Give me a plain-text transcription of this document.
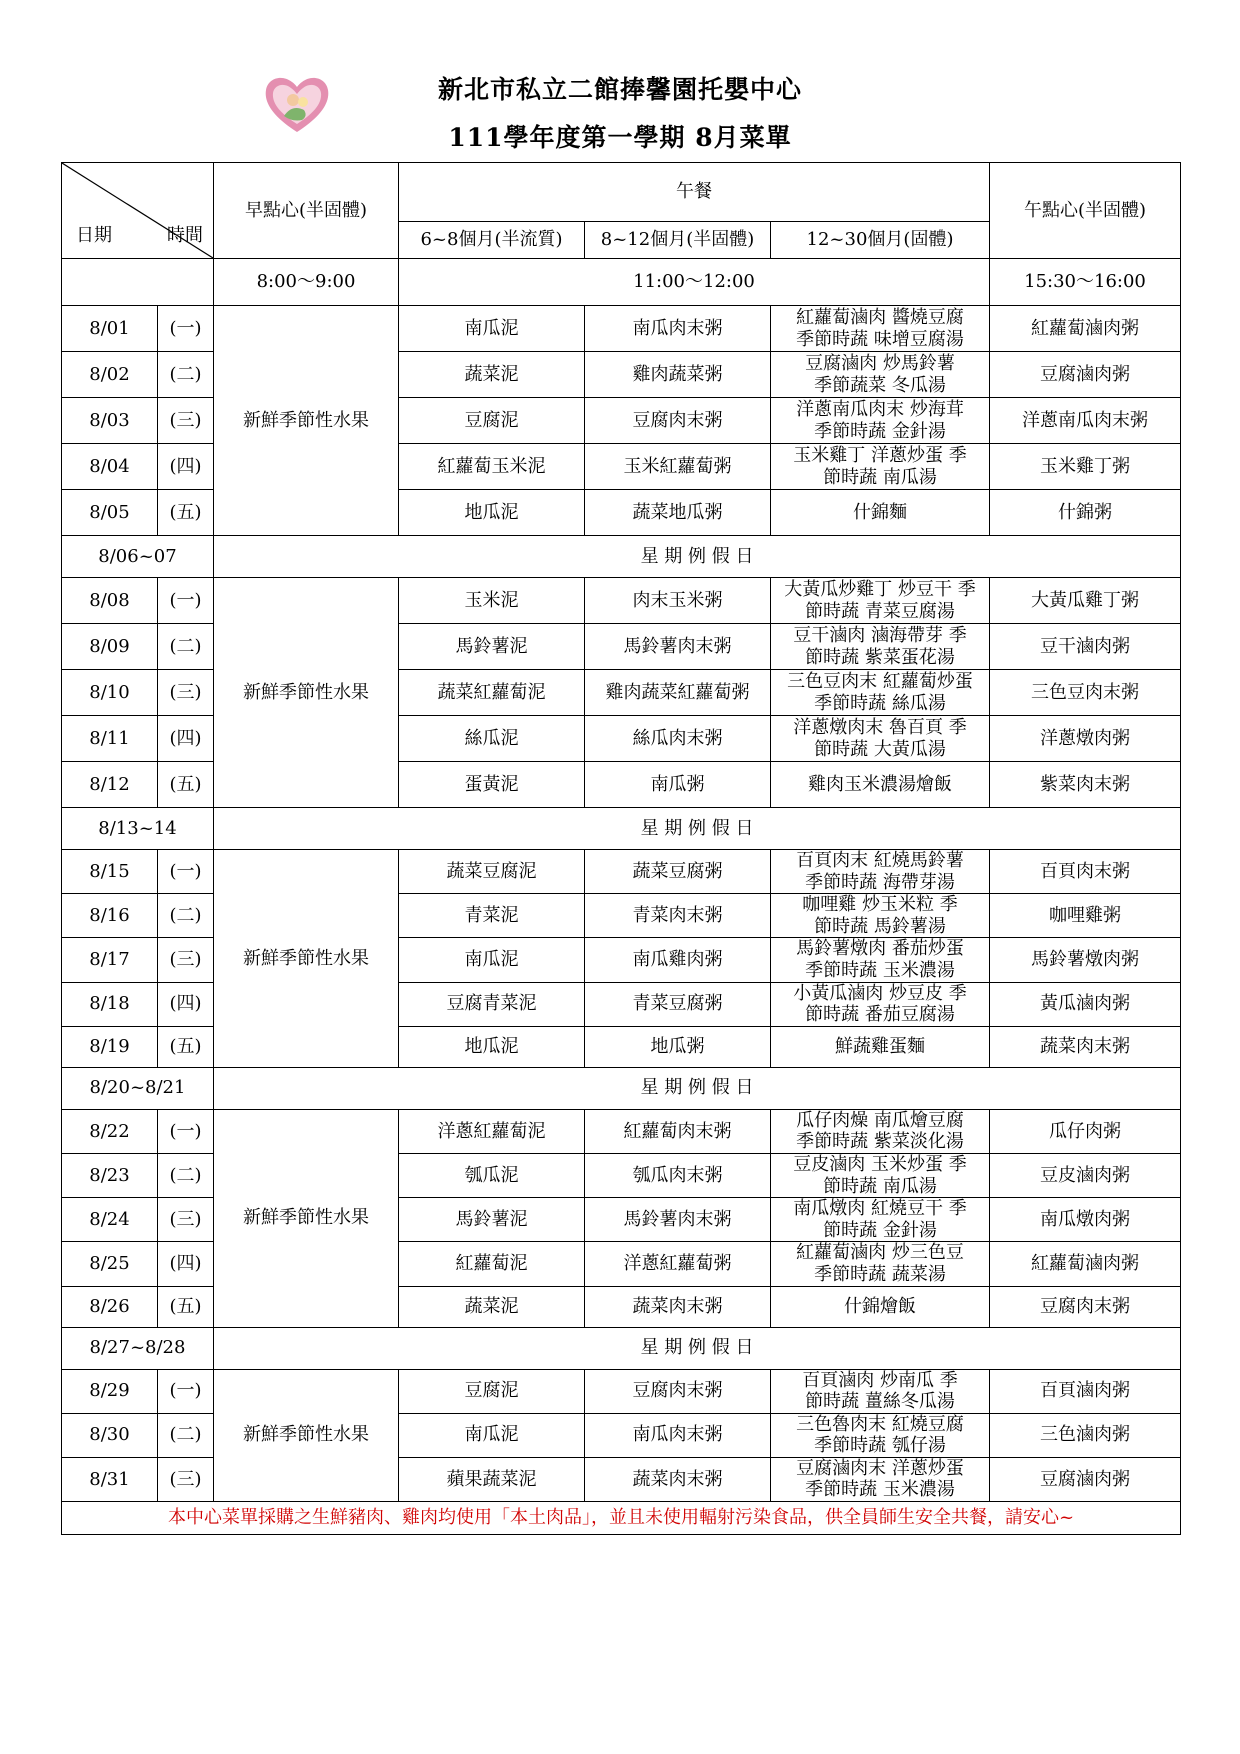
新北市私立二館捧馨園托嬰中心
111學年度第一學期 8月菜單
日期 時間		早點心(半固體)	午餐			午點心(半固體)
			6~8個月(半流質)	8~12個月(半固體)	12~30個月(固體)	
		8:00～9:00	11:00～12:00			15:30～16:00
8/01	(一)	新鮮季節性水果	南瓜泥	南瓜肉末粥	紅蘿蔔滷肉 醬燒豆腐
季節時蔬 味增豆腐湯	紅蘿蔔滷肉粥
8/02	(二)		蔬菜泥	雞肉蔬菜粥	豆腐滷肉 炒馬鈴薯
季節蔬菜 冬瓜湯	豆腐滷肉粥
8/03	(三)		豆腐泥	豆腐肉末粥	洋蔥南瓜肉末 炒海茸
季節時蔬 金針湯	洋蔥南瓜肉末粥
8/04	(四)		紅蘿蔔玉米泥	玉米紅蘿蔔粥	玉米雞丁 洋蔥炒蛋 季
節時蔬 南瓜湯	玉米雞丁粥
8/05	(五)		地瓜泥	蔬菜地瓜粥	什錦麵	什錦粥
8/06~07		星 期 例 假 日				
8/08	(一)	新鮮季節性水果	玉米泥	肉末玉米粥	大黃瓜炒雞丁 炒豆干 季
節時蔬 青菜豆腐湯	大黃瓜雞丁粥
8/09	(二)		馬鈴薯泥	馬鈴薯肉末粥	豆干滷肉 滷海帶芽 季
節時蔬 紫菜蛋花湯	豆干滷肉粥
8/10	(三)		蔬菜紅蘿蔔泥	雞肉蔬菜紅蘿蔔粥	三色豆肉末 紅蘿蔔炒蛋
季節時蔬 絲瓜湯	三色豆肉末粥
8/11	(四)		絲瓜泥	絲瓜肉末粥	洋蔥燉肉末 魯百頁 季
節時蔬 大黃瓜湯	洋蔥燉肉粥
8/12	(五)		蛋黃泥	南瓜粥	雞肉玉米濃湯燴飯	紫菜肉末粥
8/13~14		星 期 例 假 日				
8/15	(一)	新鮮季節性水果	蔬菜豆腐泥	蔬菜豆腐粥	百頁肉末 紅燒馬鈴薯
季節時蔬 海帶芽湯	百頁肉末粥
8/16	(二)		青菜泥	青菜肉末粥	咖哩雞 炒玉米粒 季
節時蔬 馬鈴薯湯	咖哩雞粥
8/17	(三)		南瓜泥	南瓜雞肉粥	馬鈴薯燉肉 番茄炒蛋
季節時蔬 玉米濃湯	馬鈴薯燉肉粥
8/18	(四)		豆腐青菜泥	青菜豆腐粥	小黃瓜滷肉 炒豆皮 季
節時蔬 番茄豆腐湯	黃瓜滷肉粥
8/19	(五)		地瓜泥	地瓜粥	鮮蔬雞蛋麵	蔬菜肉末粥
8/20~8/21		星 期 例 假 日				
8/22	(一)	新鮮季節性水果	洋蔥紅蘿蔔泥	紅蘿蔔肉末粥	瓜仔肉燥 南瓜燴豆腐
季節時蔬 紫菜淡化湯	瓜仔肉粥
8/23	(二)		瓠瓜泥	瓠瓜肉末粥	豆皮滷肉 玉米炒蛋 季
節時蔬 南瓜湯	豆皮滷肉粥
8/24	(三)		馬鈴薯泥	馬鈴薯肉末粥	南瓜燉肉 紅燒豆干 季
節時蔬 金針湯	南瓜燉肉粥
8/25	(四)		紅蘿蔔泥	洋蔥紅蘿蔔粥	紅蘿蔔滷肉 炒三色豆
季節時蔬 蔬菜湯	紅蘿蔔滷肉粥
8/26	(五)		蔬菜泥	蔬菜肉末粥	什錦燴飯	豆腐肉末粥
8/27~8/28		星 期 例 假 日				
8/29	(一)	新鮮季節性水果	豆腐泥	豆腐肉末粥	百頁滷肉 炒南瓜 季
節時蔬 薑絲冬瓜湯	百頁滷肉粥
8/30	(二)		南瓜泥	南瓜肉末粥	三色魯肉末 紅燒豆腐
季節時蔬 瓠仔湯	三色滷肉粥
8/31	(三)		蘋果蔬菜泥	蔬菜肉末粥	豆腐滷肉末 洋蔥炒蛋
季節時蔬 玉米濃湯	豆腐滷肉粥
本中心菜單採購之生鮮豬肉、雞肉均使用「本土肉品」，並且未使用輻射污染食品，供全員師生安全共餐，請安心~						
